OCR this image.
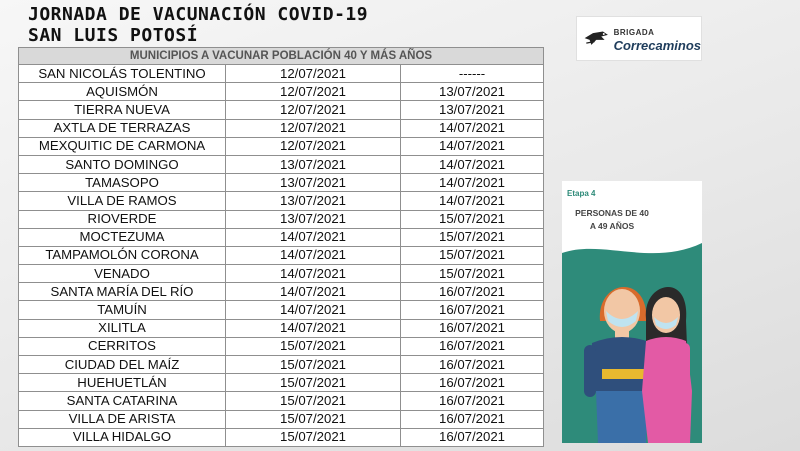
JORNADA DE VACUNACIÓN COVID-19
SAN LUIS POTOSÍ
MUNICIPIOS A VACUNAR POBLACIÓN 40 Y MÁS AÑOS		
SAN NICOLÁS TOLENTINO	12/07/2021	------
AQUISMÓN	12/07/2021	13/07/2021
TIERRA NUEVA	12/07/2021	13/07/2021
AXTLA DE TERRAZAS	12/07/2021	14/07/2021
MEXQUITIC DE CARMONA	12/07/2021	14/07/2021
SANTO DOMINGO	13/07/2021	14/07/2021
TAMASOPO	13/07/2021	14/07/2021
VILLA DE RAMOS	13/07/2021	14/07/2021
RIOVERDE	13/07/2021	15/07/2021
MOCTEZUMA	14/07/2021	15/07/2021
TAMPAMOLÓN CORONA	14/07/2021	15/07/2021
VENADO	14/07/2021	15/07/2021
SANTA MARÍA DEL RÍO	14/07/2021	16/07/2021
TAMUÍN	14/07/2021	16/07/2021
XILITLA	14/07/2021	16/07/2021
CERRITOS	15/07/2021	16/07/2021
CIUDAD DEL MAÍZ	15/07/2021	16/07/2021
HUEHUETLÁN	15/07/2021	16/07/2021
SANTA CATARINA	15/07/2021	16/07/2021
VILLA DE ARISTA	15/07/2021	16/07/2021
VILLA HIDALGO	15/07/2021	16/07/2021
BRIGADA
Correcaminos
Etapa 4
PERSONAS DE 40
A 49 AÑOS
